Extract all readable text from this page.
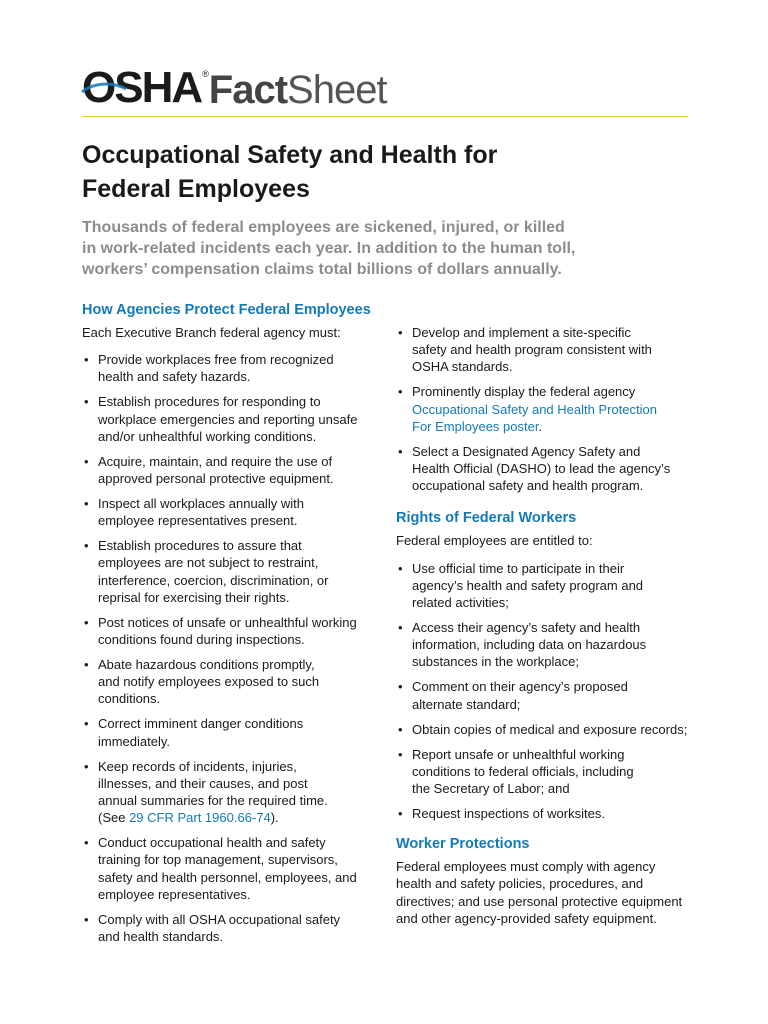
OSHA® Fact Sheet
Occupational Safety and Health for
Federal Employees

Thousands of federal employees are sickened, injured, or killed
in work-related incidents each year. In addition to the human toll,
workers’ compensation claims total billions of dollars annually.

How Agencies Protect Federal Employees

Each Executive Branch federal agency must:

• Provide workplaces free from recognized
health and safety hazards.
• Establish procedures for responding to
workplace emergencies and reporting unsafe
and/or unhealthful working conditions.
• Acquire, maintain, and require the use of
approved personal protective equipment.
• Inspect all workplaces annually with
employee representatives present.
• Establish procedures to assure that
employees are not subject to restraint,
interference, coercion, discrimination, or
reprisal for exercising their rights.
• Post notices of unsafe or unhealthful working
conditions found during inspections.
• Abate hazardous conditions promptly,
and notify employees exposed to such
conditions.
• Correct imminent danger conditions
immediately.
• Keep records of incidents, injuries,
illnesses, and their causes, and post
annual summaries for the required time.
(See 29 CFR Part 1960.66-74).
• Conduct occupational health and safety
training for top management, supervisors,
safety and health personnel, employees, and
employee representatives.
• Comply with all OSHA occupational safety
and health standards.
• Develop and implement a site-specific
safety and health program consistent with
OSHA standards.
• Prominently display the federal agency
Occupational Safety and Health Protection
For Employees poster.
• Select a Designated Agency Safety and
Health Official (DASHO) to lead the agency’s
occupational safety and health program.
Rights of Federal Workers

Federal employees are entitled to:

• Use official time to participate in their
agency’s health and safety program and
related activities;
• Access their agency’s safety and health
information, including data on hazardous
substances in the workplace;
• Comment on their agency’s proposed
alternate standard;
• Obtain copies of medical and exposure records;
• Report unsafe or unhealthful working
conditions to federal officials, including
the Secretary of Labor; and
• Request inspections of worksites.
Worker Protections

Federal employees must comply with agency
health and safety policies, procedures, and
directives; and use personal protective equipment
and other agency-provided safety equipment.
